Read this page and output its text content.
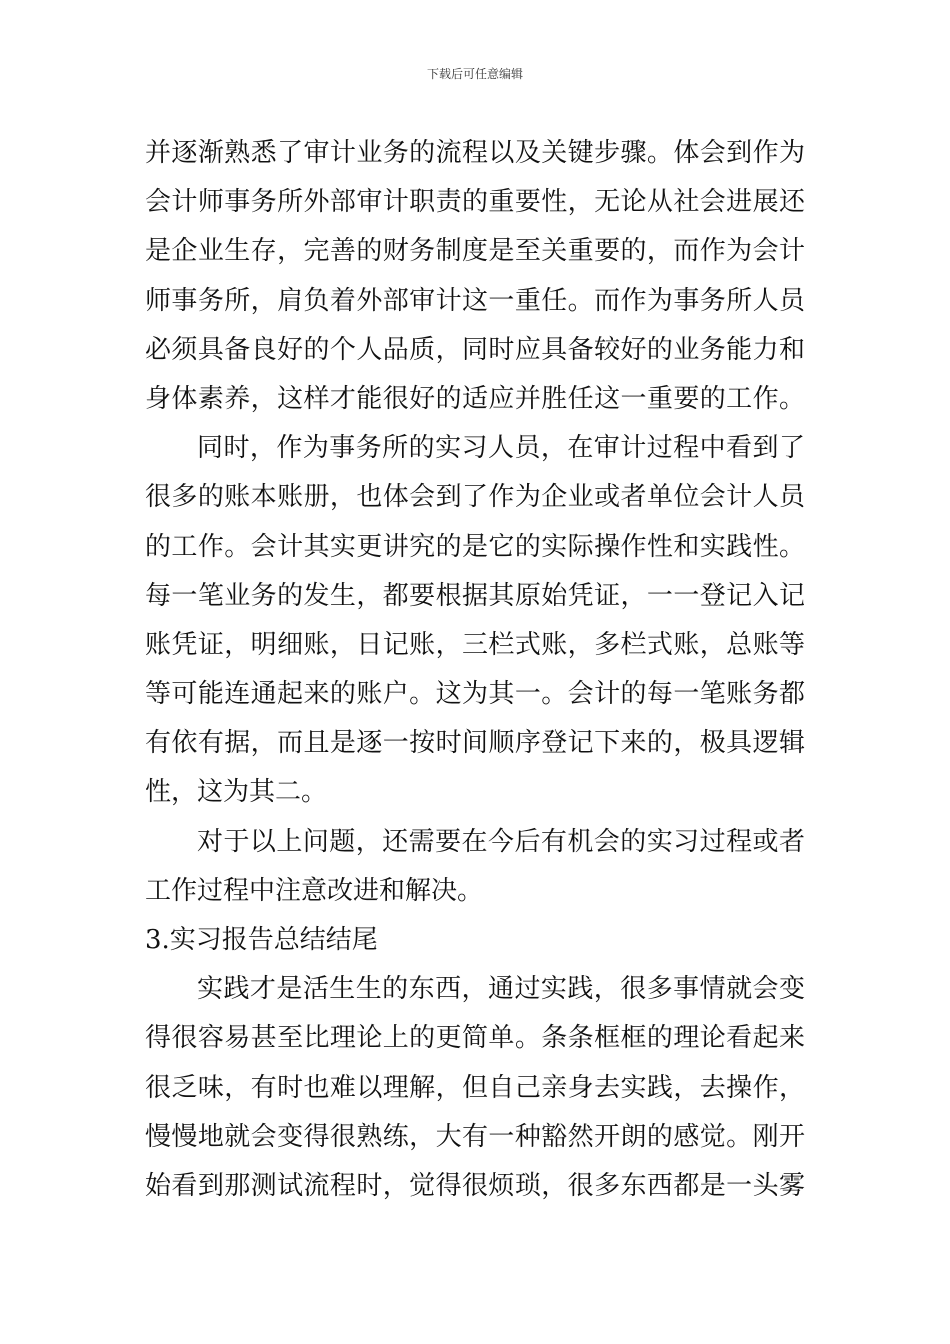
下载后可任意编辑
并逐渐熟悉了审计业务的流程以及关键步骤。体会到作为
会计师事务所外部审计职责的重要性，无论从社会进展还
是企业生存，完善的财务制度是至关重要的，而作为会计
师事务所，肩负着外部审计这一重任。而作为事务所人员
必须具备良好的个人品质，同时应具备较好的业务能力和
身体素养，这样才能很好的适应并胜任这一重要的工作。
同时，作为事务所的实习人员，在审计过程中看到了
很多的账本账册，也体会到了作为企业或者单位会计人员
的工作。会计其实更讲究的是它的实际操作性和实践性。
每一笔业务的发生，都要根据其原始凭证，一一登记入记
账凭证，明细账，日记账，三栏式账，多栏式账，总账等
等可能连通起来的账户。这为其一。会计的每一笔账务都
有依有据，而且是逐一按时间顺序登记下来的，极具逻辑
性，这为其二。
对于以上问题，还需要在今后有机会的实习过程或者
工作过程中注意改进和解决。
3.实习报告总结结尾
实践才是活生生的东西，通过实践，很多事情就会变
得很容易甚至比理论上的更简单。条条框框的理论看起来
很乏味，有时也难以理解，但自己亲身去实践，去操作，
慢慢地就会变得很熟练，大有一种豁然开朗的感觉。刚开
始看到那测试流程时，觉得很烦琐，很多东西都是一头雾
